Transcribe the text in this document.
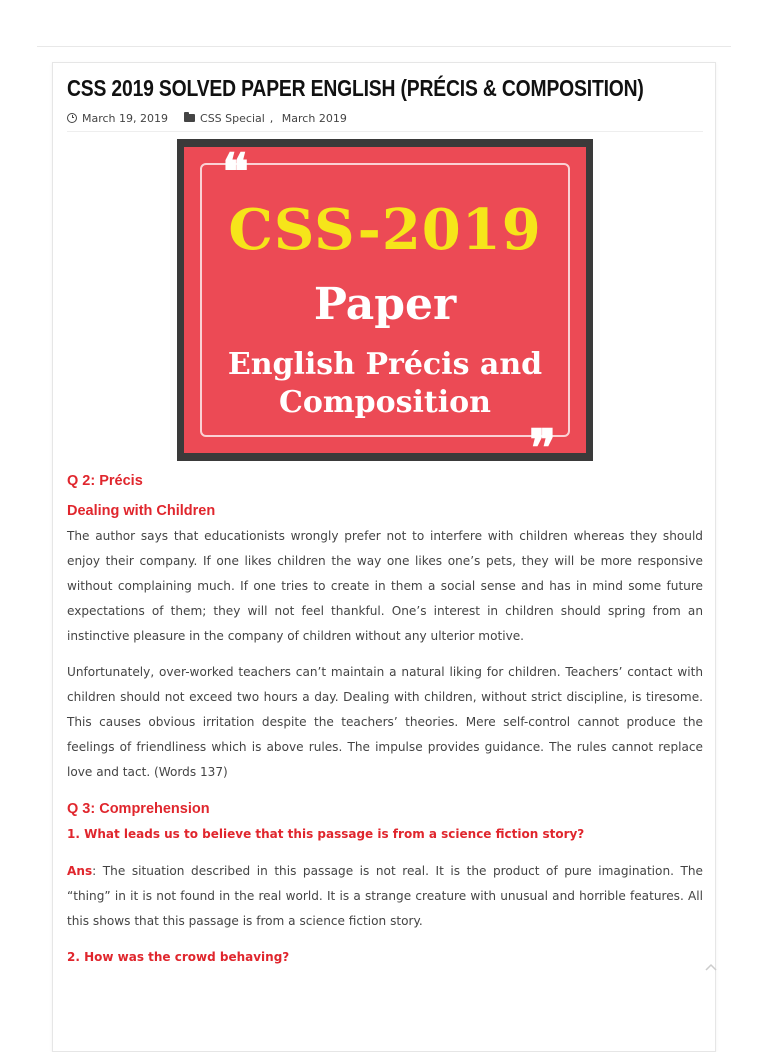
CSS 2019 SOLVED PAPER ENGLISH (PRÉCIS & COMPOSITION)
March 19, 2019	CSS Special , March 2019
❝
CSS-2019
Paper
English Précis and
Composition
❞
Q 2: Précis
Dealing with Children

The author says that educationists wrongly prefer not to interfere with children whereas they should enjoy their company. If one likes children the way one likes one’s pets, they will be more responsive without complaining much. If one tries to create in them a social sense and has in mind some future expectations of them; they will not feel thankful. One’s interest in children should spring from an instinctive pleasure in the company of children without any ulterior motive.

Unfortunately, over-worked teachers can’t maintain a natural liking for children. Teachers’ contact with children should not exceed two hours a day. Dealing with children, without strict discipline, is tiresome. This causes obvious irritation despite the teachers’ theories. Mere self-control cannot produce the feelings of friendliness which is above rules. The impulse provides guidance. The rules cannot replace love and tact. (Words 137)

Q 3: Comprehension

1. What leads us to believe that this passage is from a science fiction story?

Ans: The situation described in this passage is not real. It is the product of pure imagination. The “thing” in it is not found in the real world. It is a strange creature with unusual and horrible features. All this shows that this passage is from a science fiction story.

2. How was the crowd behaving?
